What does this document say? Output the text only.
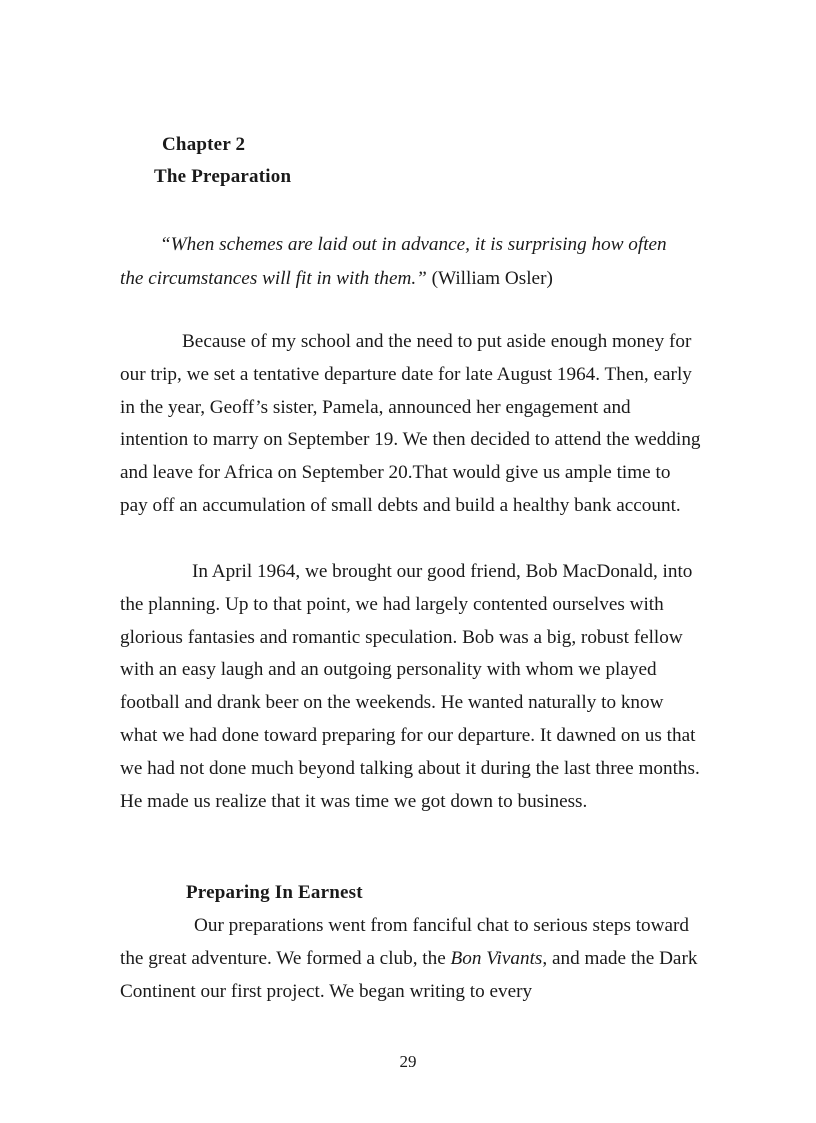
Chapter 2
The Preparation

“When schemes are laid out in advance, it is surprising how often
the circumstances will fit in with them.” (William Osler)

Because of my school and the need to put aside enough money for our trip, we set a tentative departure date for late August 1964. Then, early in the year, Geoff’s sister, Pamela, announced her engagement and intention to marry on September 19. We then decided to attend the wedding and leave for Africa on September 20.That would give us ample time to pay off an accumulation of small debts and build a healthy bank account.

In April 1964, we brought our good friend, Bob MacDonald, into the planning. Up to that point, we had largely contented ourselves with glorious fantasies and romantic speculation. Bob was a big, robust fellow with an easy laugh and an outgoing personality with whom we played football and drank beer on the weekends. He wanted naturally to know what we had done toward preparing for our departure. It dawned on us that we had not done much beyond talking about it during the last three months. He made us realize that it was time we got down to business.

Preparing In Earnest

Our preparations went from fanciful chat to serious steps toward the great adventure. We formed a club, the Bon Vivants, and made the Dark Continent our first project. We began writing to every

29
